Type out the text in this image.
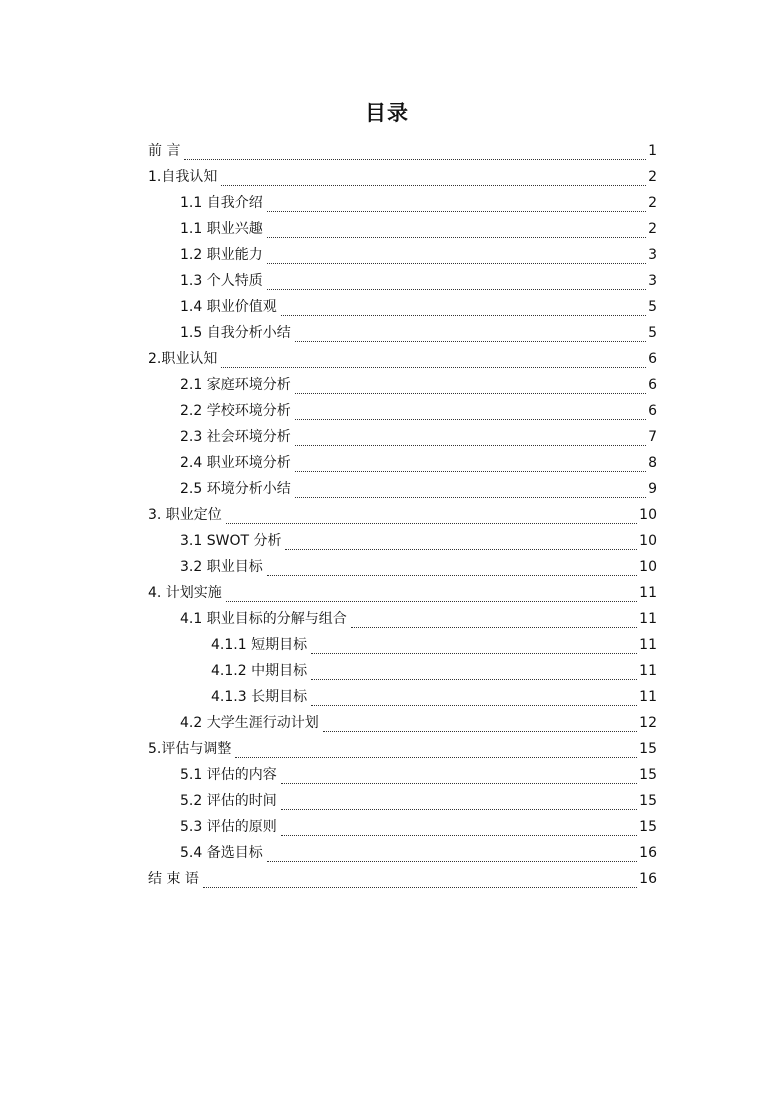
目录
前 言	1
1.自我认知	2
1.1 自我介绍	2
1.1 职业兴趣	2
1.2 职业能力	3
1.3 个人特质	3
1.4 职业价值观	5
1.5 自我分析小结	5
2.职业认知	6
2.1 家庭环境分析	6
2.2 学校环境分析	6
2.3 社会环境分析	7
2.4 职业环境分析	8
2.5 环境分析小结	9
3. 职业定位	10
3.1 SWOT 分析	10
3.2 职业目标	10
4. 计划实施	11
4.1 职业目标的分解与组合	11
4.1.1 短期目标	11
4.1.2 中期目标	11
4.1.3 长期目标	11
4.2 大学生涯行动计划	12
5.评估与调整	15
5.1 评估的内容	15
5.2 评估的时间	15
5.3 评估的原则	15
5.4 备选目标	16
结 束 语	16
